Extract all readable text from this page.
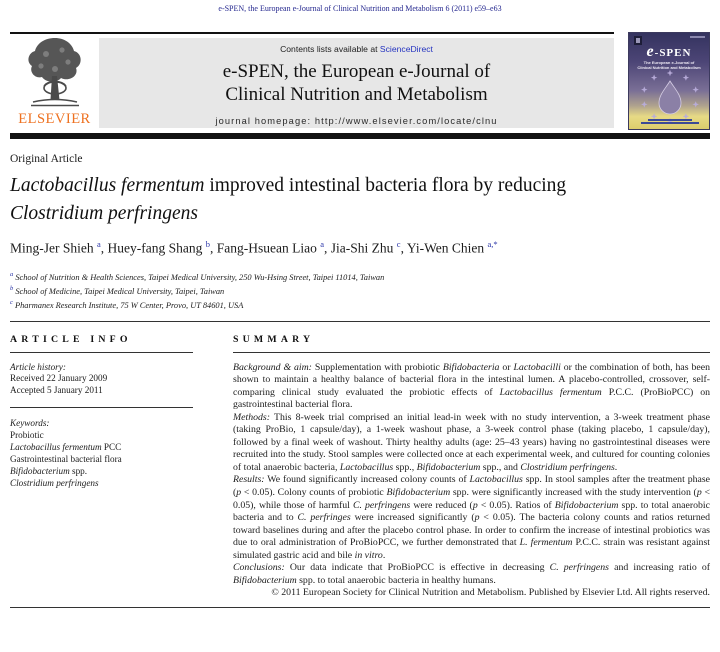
e-SPEN, the European e-Journal of Clinical Nutrition and Metabolism 6 (2011) e59–e63
ELSEVIER
Contents lists available at ScienceDirect
e-SPEN, the European e-Journal of
Clinical Nutrition and Metabolism
journal homepage: http://www.elsevier.com/locate/clnu
e-SPEN
The European e-Journal of
Clinical Nutrition and Metabolism
Original Article
Lactobacillus fermentum improved intestinal bacteria flora by reducing Clostridium perfringens
Ming-Jer Shieh $^a$, Huey-fang Shang $^b$, Fang-Hsuean Liao $^a$, Jia-Shi Zhu $^c$, Yi-Wen Chien $^{a,*}$
$^a$ School of Nutrition & Health Sciences, Taipei Medical University, 250 Wu-Hsing Street, Taipei 11014, Taiwan
$^b$ School of Medicine, Taipei Medical University, Taipei, Taiwan
$^c$ Pharmanex Research Institute, 75 W Center, Provo, UT 84601, USA
ARTICLE INFO
Article history:
Received 22 January 2009
Accepted 5 January 2011
Keywords:
Probiotic
Lactobacillus fermentum PCC
Gastrointestinal bacterial flora
Bifidobacterium spp.
Clostridium perfringens
SUMMARY
Background & aim: Supplementation with probiotic Bifidobacteria or Lactobacilli or the combination of both, has been shown to maintain a healthy balance of bacterial flora in the intestinal lumen. A placebo-controlled, crossover, self-comparing clinical study evaluated the probiotic effects of Lactobacillus fermentum P.C.C. (ProBioPCC) on gastrointestinal bacterial flora.
Methods: This 8-week trial comprised an initial lead-in week with no study intervention, a 3-week treatment phase (taking ProBio, 1 capsule/day), a 1-week washout phase, a 3-week control phase (taking placebo, 1 capsule/day), followed by a final week of washout. Thirty healthy adults (age: 25–43 years) having no gastrointestinal diseases were recruited into the study. Stool samples were collected once at each experimental week, and cultured for counting colonies of total anaerobic bacteria, Lactobacillus spp., Bifidobacterium spp., and Clostridium perfringens.
Results: We found significantly increased colony counts of Lactobacillus spp. In stool samples after the treatment phase (p < 0.05). Colony counts of probiotic Bifidobacterium spp. were significantly increased with the study intervention (p < 0.05), while those of harmful C. perfringens were reduced (p < 0.05). Ratios of Bifidobacterium spp. to total anaerobic bacteria and to C. perfringes were increased significantly (p < 0.05). The bacteria colony counts and ratios returned toward baselines during and after the placebo control phase. In order to confirm the increase of intestinal probiotics was due to oral administration of ProBioPCC, we further demonstrated that L. fermentum P.C.C. strain was resistant against simulated gastric acid and bile in vitro.
Conclusions: Our data indicate that ProBioPCC is effective in decreasing C. perfringens and increasing ratio of Bifidobacterium spp. to total anaerobic bacteria in healthy humans.
© 2011 European Society for Clinical Nutrition and Metabolism. Published by Elsevier Ltd. All rights reserved.
